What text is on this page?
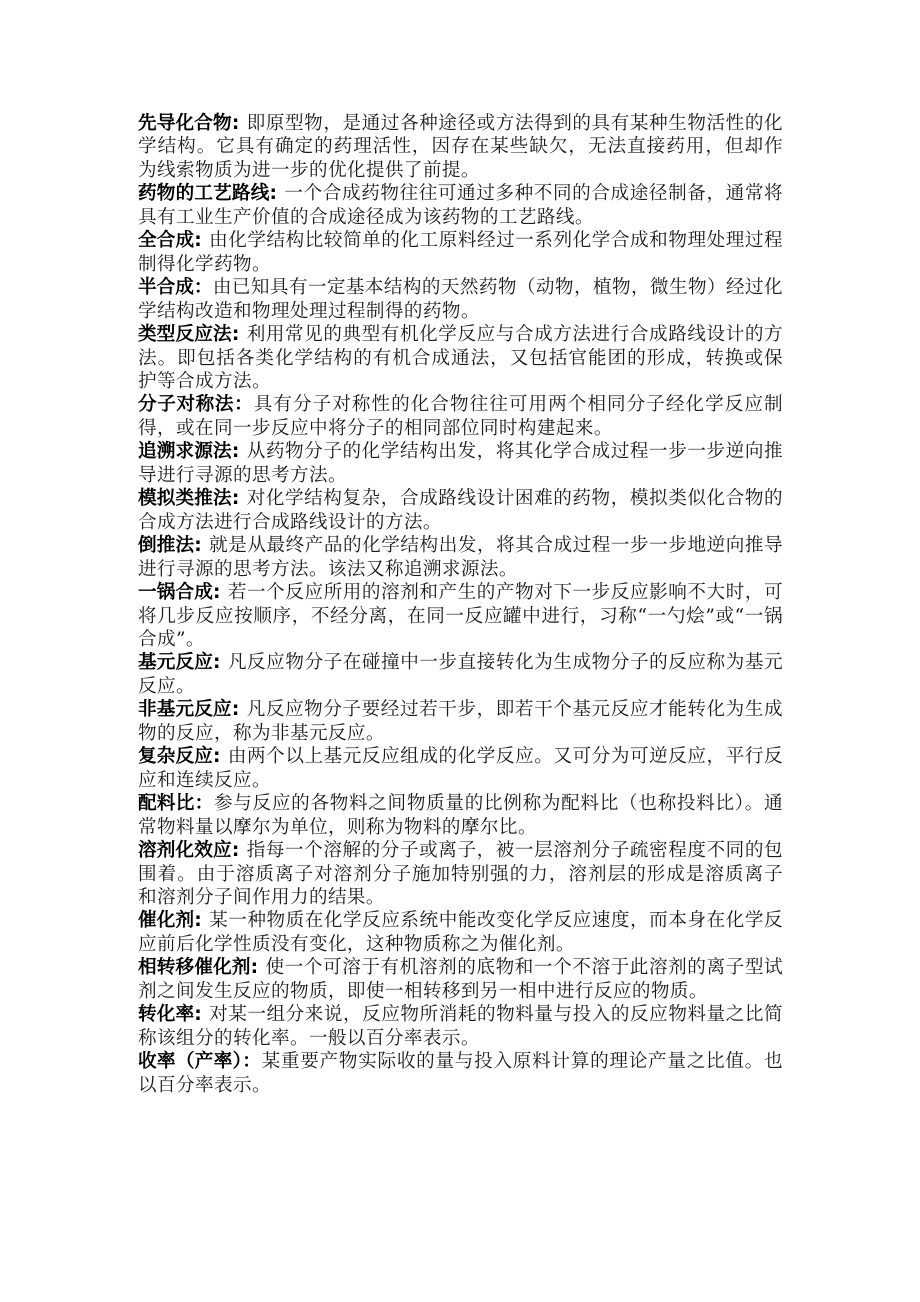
先导化合物: 即原型物，是通过各种途径或方法得到的具有某种生物活性的化学结构。它具有确定的药理活性，因存在某些缺欠，无法直接药用，但却作为线索物质为进一步的优化提供了前提。

药物的工艺路线: 一个合成药物往往可通过多种不同的合成途径制备，通常将具有工业生产价值的合成途径成为该药物的工艺路线。

全合成: 由化学结构比较简单的化工原料经过一系列化学合成和物理处理过程制得化学药物。

半合成：由已知具有一定基本结构的天然药物（动物，植物，微生物）经过化学结构改造和物理处理过程制得的药物。

类型反应法: 利用常见的典型有机化学反应与合成方法进行合成路线设计的方法。即包括各类化学结构的有机合成通法，又包括官能团的形成，转换或保护等合成方法。

分子对称法：具有分子对称性的化合物往往可用两个相同分子经化学反应制得，或在同一步反应中将分子的相同部位同时构建起来。

追溯求源法: 从药物分子的化学结构出发，将其化学合成过程一步一步逆向推导进行寻源的思考方法。

模拟类推法: 对化学结构复杂，合成路线设计困难的药物，模拟类似化合物的合成方法进行合成路线设计的方法。

倒推法: 就是从最终产品的化学结构出发，将其合成过程一步一步地逆向推导进行寻源的思考方法。该法又称追溯求源法。

一锅合成: 若一个反应所用的溶剂和产生的产物对下一步反应影响不大时，可将几步反应按顺序，不经分离，在同一反应罐中进行，习称“一勺烩”或“一锅合成”。

基元反应: 凡反应物分子在碰撞中一步直接转化为生成物分子的反应称为基元反应。

非基元反应: 凡反应物分子要经过若干步，即若干个基元反应才能转化为生成物的反应，称为非基元反应。

复杂反应: 由两个以上基元反应组成的化学反应。又可分为可逆反应，平行反应和连续反应。

配料比：参与反应的各物料之间物质量的比例称为配料比（也称投料比）。通常物料量以摩尔为单位，则称为物料的摩尔比。

溶剂化效应: 指每一个溶解的分子或离子，被一层溶剂分子疏密程度不同的包围着。由于溶质离子对溶剂分子施加特别强的力，溶剂层的形成是溶质离子和溶剂分子间作用力的结果。

催化剂: 某一种物质在化学反应系统中能改变化学反应速度，而本身在化学反应前后化学性质没有变化，这种物质称之为催化剂。

相转移催化剂: 使一个可溶于有机溶剂的底物和一个不溶于此溶剂的离子型试剂之间发生反应的物质，即使一相转移到另一相中进行反应的物质。

转化率: 对某一组分来说，反应物所消耗的物料量与投入的反应物料量之比简称该组分的转化率。一般以百分率表示。

收率（产率）：某重要产物实际收的量与投入原料计算的理论产量之比值。也以百分率表示。
